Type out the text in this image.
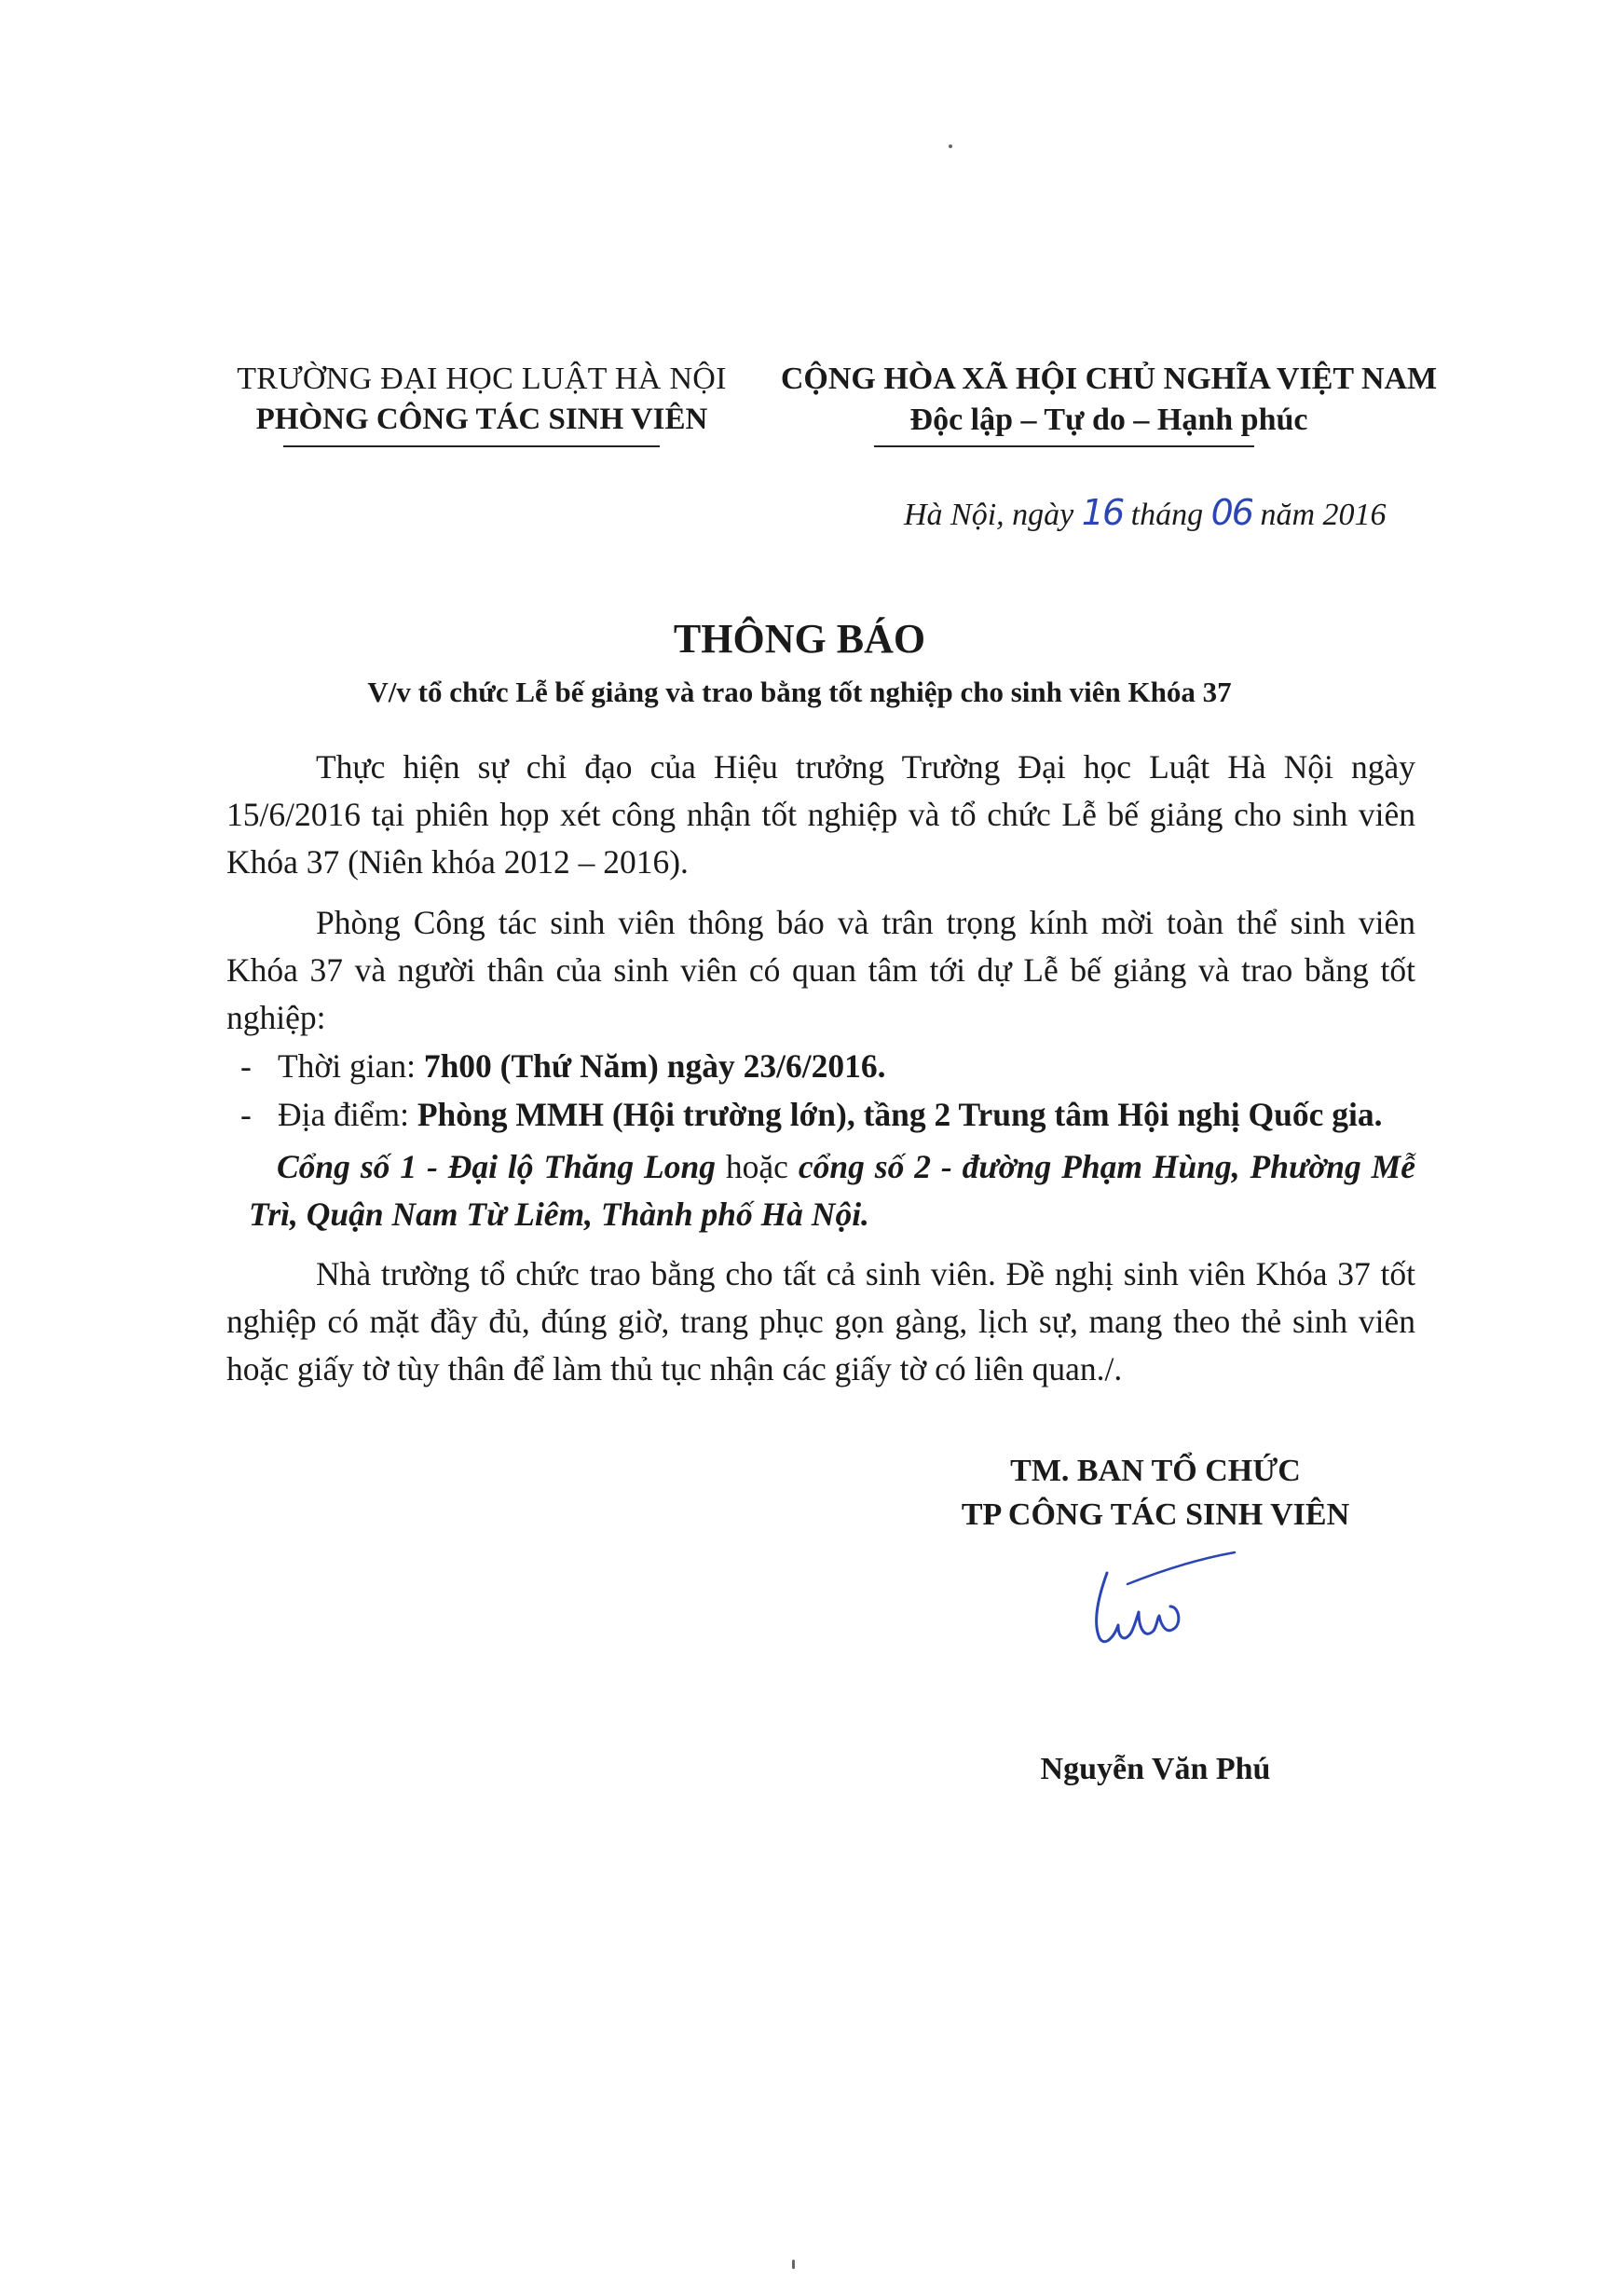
TRƯỜNG ĐẠI HỌC LUẬT HÀ NỘI
PHÒNG CÔNG TÁC SINH VIÊN
CỘNG HÒA XÃ HỘI CHỦ NGHĨA VIỆT NAM
Độc lập – Tự do – Hạnh phúc
Hà Nội, ngày 16 tháng 06 năm 2016
THÔNG BÁO
V/v tổ chức Lễ bế giảng và trao bằng tốt nghiệp cho sinh viên Khóa 37
Thực hiện sự chỉ đạo của Hiệu trưởng Trường Đại học Luật Hà Nội ngày 15/6/2016 tại phiên họp xét công nhận tốt nghiệp và tổ chức Lễ bế giảng cho sinh viên Khóa 37 (Niên khóa 2012 – 2016).
Phòng Công tác sinh viên thông báo và trân trọng kính mời toàn thể sinh viên Khóa 37 và người thân của sinh viên có quan tâm tới dự Lễ bế giảng và trao bằng tốt nghiệp:
- Thời gian: 7h00 (Thứ Năm) ngày 23/6/2016.
- Địa điểm: Phòng MMH (Hội trường lớn), tầng 2 Trung tâm Hội nghị Quốc gia.
Cổng số 1 - Đại lộ Thăng Long hoặc cổng số 2 - đường Phạm Hùng, Phường Mễ Trì, Quận Nam Từ Liêm, Thành phố Hà Nội.
Nhà trường tổ chức trao bằng cho tất cả sinh viên. Đề nghị sinh viên Khóa 37 tốt nghiệp có mặt đầy đủ, đúng giờ, trang phục gọn gàng, lịch sự, mang theo thẻ sinh viên hoặc giấy tờ tùy thân để làm thủ tục nhận các giấy tờ có liên quan./.
TM. BAN TỔ CHỨC
TP CÔNG TÁC SINH VIÊN
Nguyễn Văn Phú
